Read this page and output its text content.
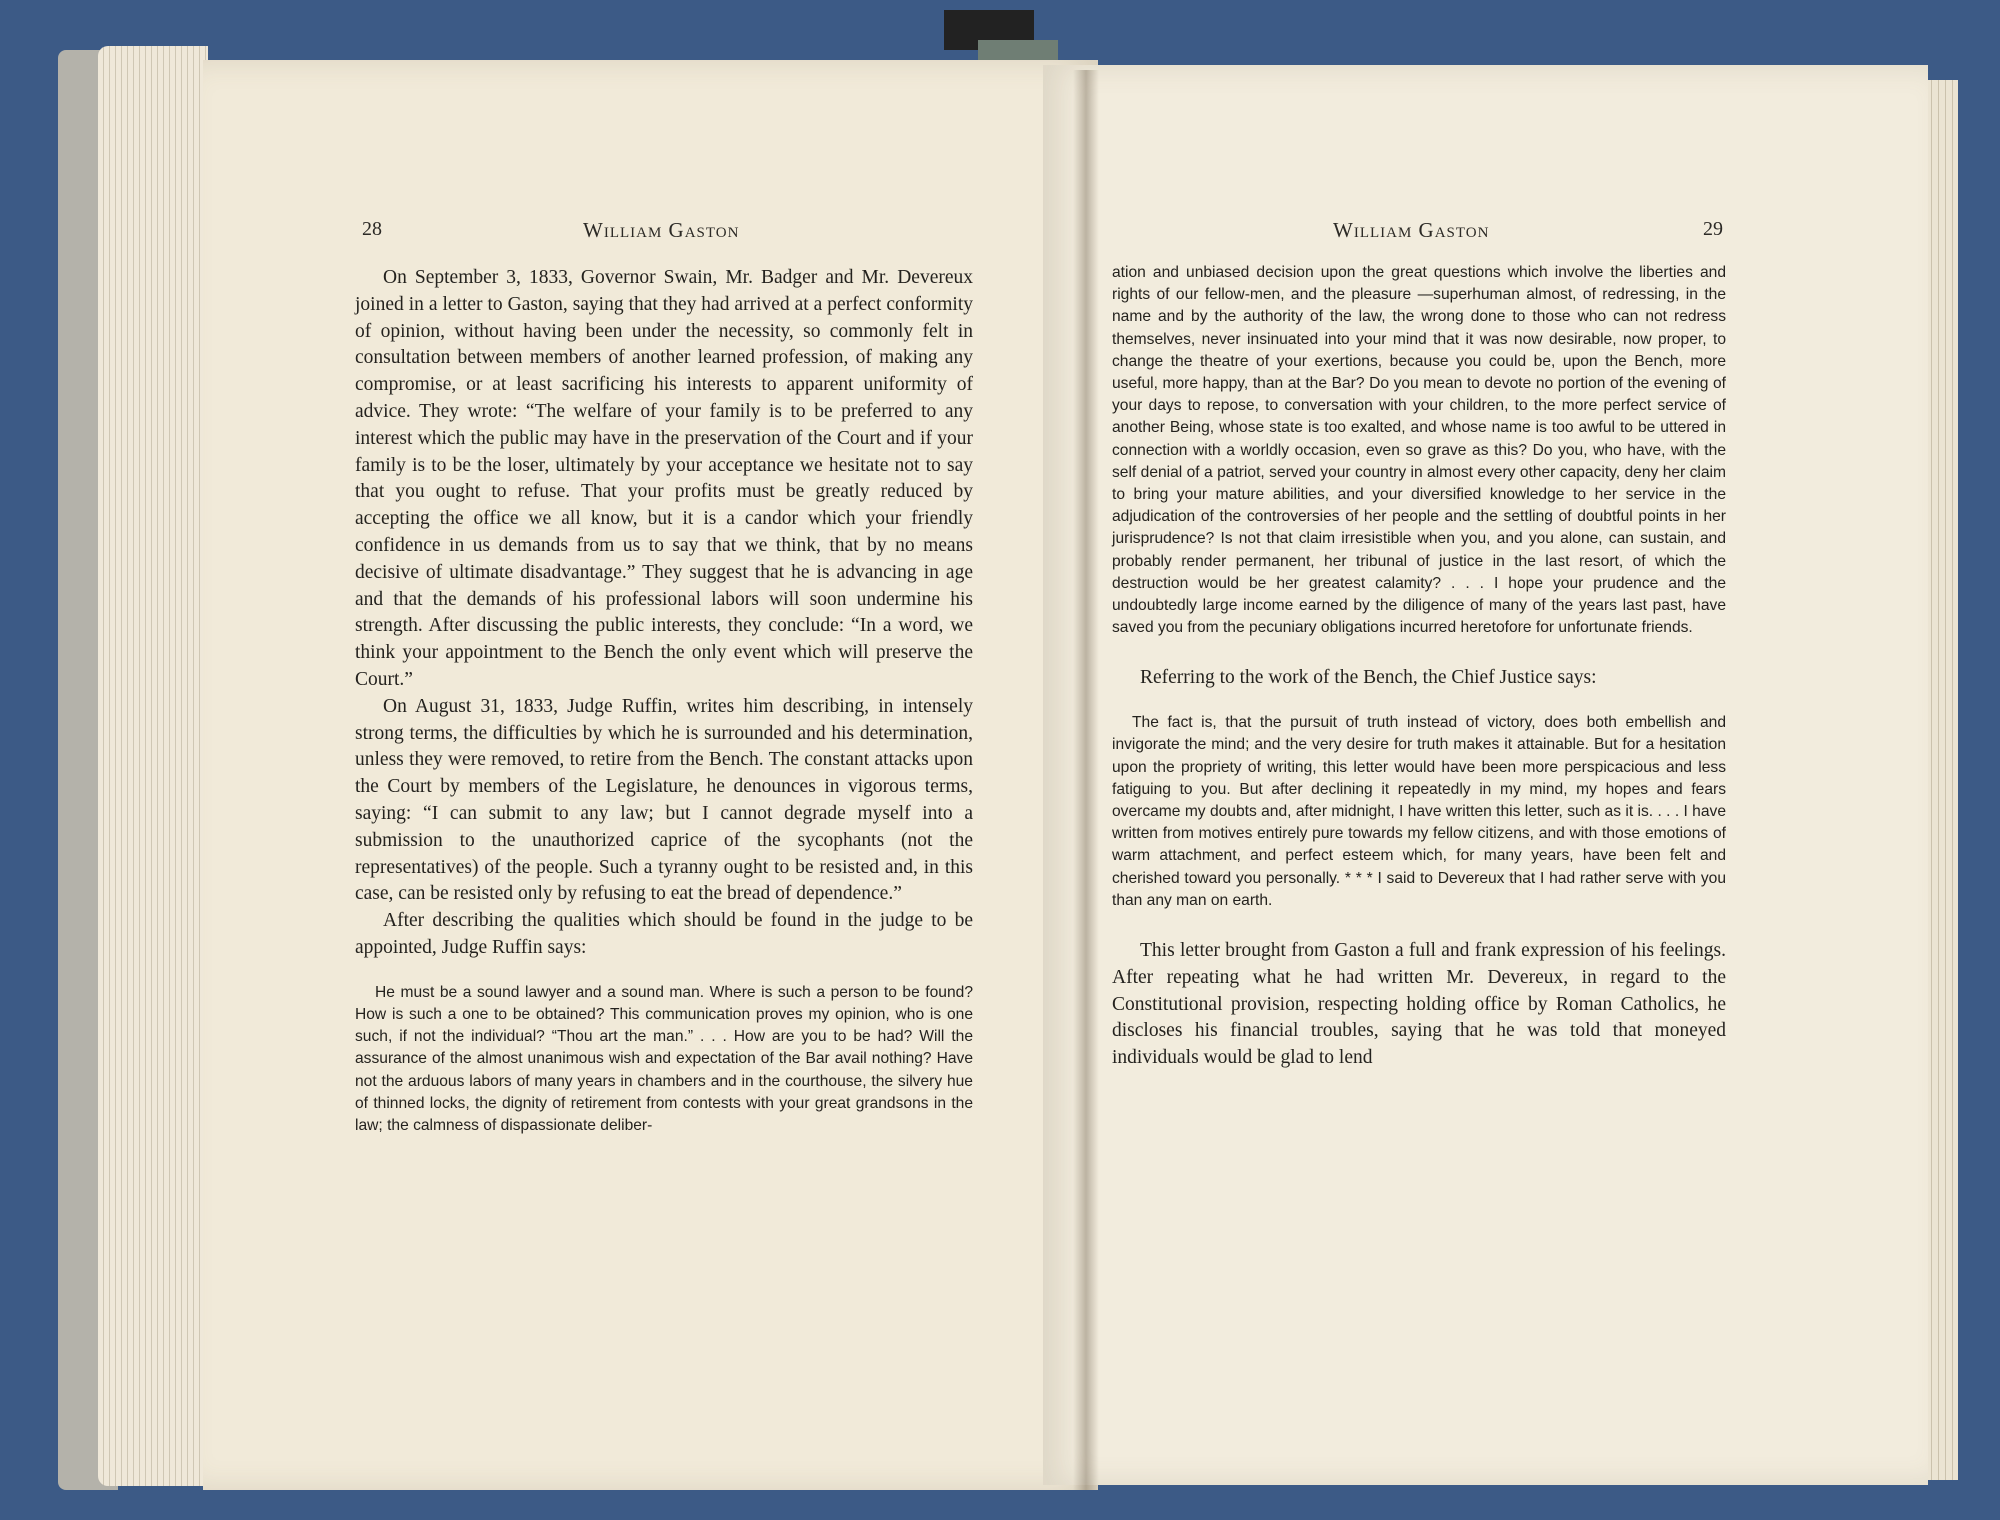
28	William Gaston	William Gaston	29

On September 3, 1833, Governor Swain, Mr. Badger and Mr. Devereux joined in a letter to Gaston, saying that they had arrived at a perfect conformity of opinion, without having been under the necessity, so commonly felt in consultation between members of another learned profession, of making any compromise, or at least sacrificing his interests to apparent uniformity of advice. They wrote: “The welfare of your family is to be preferred to any interest which the public may have in the preservation of the Court and if your family is to be the loser, ultimately by your acceptance we hesitate not to say that you ought to refuse. That your profits must be greatly reduced by accepting the office we all know, but it is a candor which your friendly confidence in us demands from us to say that we think, that by no means decisive of ultimate disadvantage.” They suggest that he is advancing in age and that the demands of his professional labors will soon undermine his strength. After discussing the public interests, they conclude: “In a word, we think your appointment to the Bench the only event which will preserve the Court.”

On August 31, 1833, Judge Ruffin, writes him describing, in intensely strong terms, the difficulties by which he is surrounded and his determination, unless they were removed, to retire from the Bench. The constant attacks upon the Court by members of the Legislature, he denounces in vigorous terms, saying: “I can submit to any law; but I cannot degrade myself into a submission to the unauthorized caprice of the sycophants (not the representatives) of the people. Such a tyranny ought to be resisted and, in this case, can be resisted only by refusing to eat the bread of dependence.”

After describing the qualities which should be found in the judge to be appointed, Judge Ruffin says:

He must be a sound lawyer and a sound man. Where is such a person to be found? How is such a one to be obtained? This communication proves my opinion, who is one such, if not the individual? “Thou art the man.” . . . How are you to be had? Will the assurance of the almost unanimous wish and expectation of the Bar avail nothing? Have not the arduous labors of many years in chambers and in the courthouse, the silvery hue of thinned locks, the dignity of retirement from contests with your great grandsons in the law; the calmness of dispassionate deliber-

ation and unbiased decision upon the great questions which involve the liberties and rights of our fellow-men, and the pleasure —superhuman almost, of redressing, in the name and by the authority of the law, the wrong done to those who can not redress themselves, never insinuated into your mind that it was now desirable, now proper, to change the theatre of your exertions, because you could be, upon the Bench, more useful, more happy, than at the Bar? Do you mean to devote no portion of the evening of your days to repose, to conversation with your children, to the more perfect service of another Being, whose state is too exalted, and whose name is too awful to be uttered in connection with a worldly occasion, even so grave as this? Do you, who have, with the self denial of a patriot, served your country in almost every other capacity, deny her claim to bring your mature abilities, and your diversified knowledge to her service in the adjudication of the controversies of her people and the settling of doubtful points in her jurisprudence? Is not that claim irresistible when you, and you alone, can sustain, and probably render permanent, her tribunal of justice in the last resort, of which the destruction would be her greatest calamity? . . . I hope your prudence and the undoubtedly large income earned by the diligence of many of the years last past, have saved you from the pecuniary obligations incurred heretofore for unfortunate friends.

Referring to the work of the Bench, the Chief Justice says:

The fact is, that the pursuit of truth instead of victory, does both embellish and invigorate the mind; and the very desire for truth makes it attainable. But for a hesitation upon the propriety of writing, this letter would have been more perspicacious and less fatiguing to you. But after declining it repeatedly in my mind, my hopes and fears overcame my doubts and, after midnight, I have written this letter, such as it is. . . . I have written from motives entirely pure towards my fellow citizens, and with those emotions of warm attachment, and perfect esteem which, for many years, have been felt and cherished toward you personally. * * * I said to Devereux that I had rather serve with you than any man on earth.

This letter brought from Gaston a full and frank expression of his feelings. After repeating what he had written Mr. Devereux, in regard to the Constitutional provision, respecting holding office by Roman Catholics, he discloses his financial troubles, saying that he was told that moneyed individuals would be glad to lend
